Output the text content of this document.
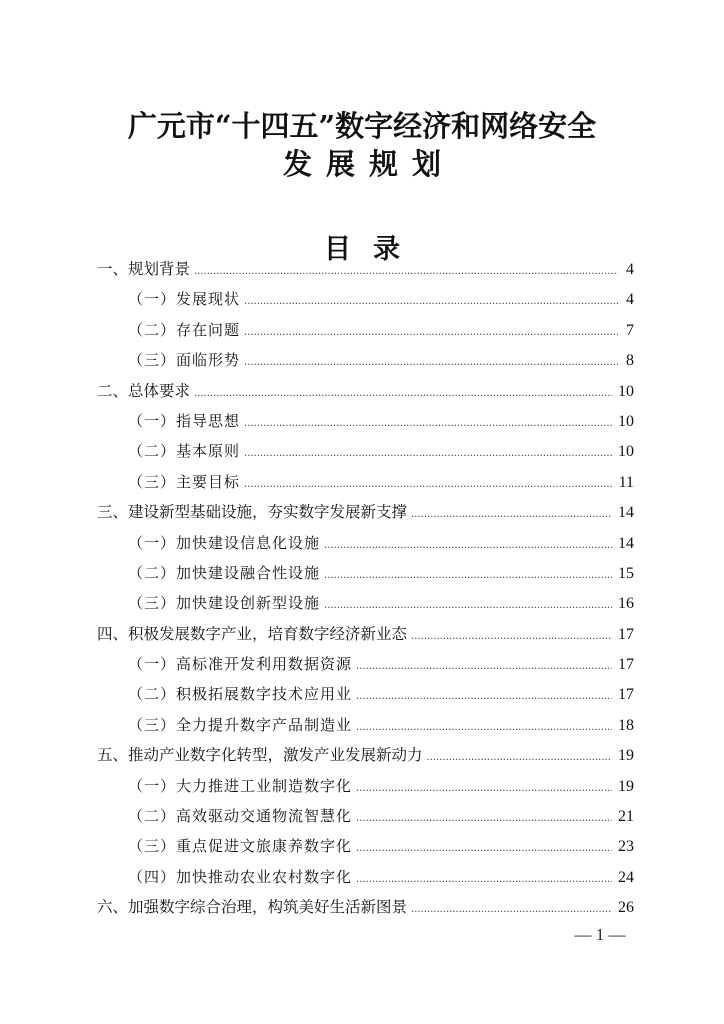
广元市“十四五”数字经济和网络安全
发展规划
目录
一、规划背景 .....	4
（一）发展现状 .....	4
（二）存在问题 .....	7
（三）面临形势 .....	8
二、总体要求 .....	10
（一）指导思想 .....	10
（二）基本原则 .....	10
（三）主要目标 .....	11
三、建设新型基础设施，夯实数字发展新支撑 .....	14
（一）加快建设信息化设施 .....	14
（二）加快建设融合性设施 .....	15
（三）加快建设创新型设施 .....	16
四、积极发展数字产业，培育数字经济新业态 .....	17
（一）高标准开发利用数据资源 .....	17
（二）积极拓展数字技术应用业 .....	17
（三）全力提升数字产品制造业 .....	18
五、推动产业数字化转型，激发产业发展新动力 .....	19
（一）大力推进工业制造数字化 .....	19
（二）高效驱动交通物流智慧化 .....	21
（三）重点促进文旅康养数字化 .....	23
（四）加快推动农业农村数字化 .....	24
六、加强数字综合治理，构筑美好生活新图景 .....	26
— 1 —
